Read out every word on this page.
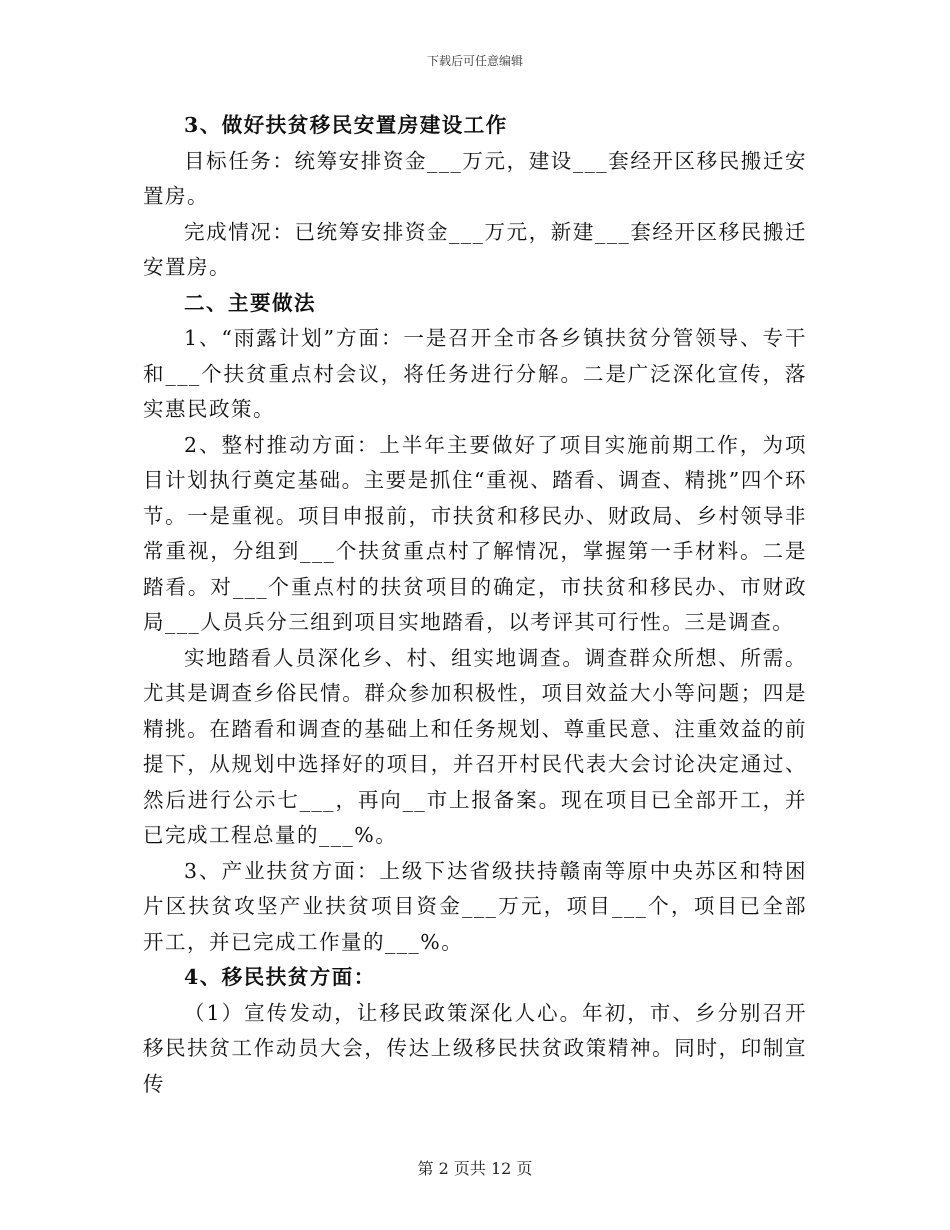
下载后可任意编辑

3、做好扶贫移民安置房建设工作

目标任务：统筹安排资金___万元，建设___套经开区移民搬迁安置房。

完成情况：已统筹安排资金___万元，新建___套经开区移民搬迁安置房。

二、主要做法

1、“雨露计划”方面：一是召开全市各乡镇扶贫分管领导、专干和___个扶贫重点村会议，将任务进行分解。二是广泛深化宣传，落实惠民政策。

2、整村推动方面：上半年主要做好了项目实施前期工作，为项目计划执行奠定基础。主要是抓住“重视、踏看、调查、精挑”四个环节。一是重视。项目申报前，市扶贫和移民办、财政局、乡村领导非常重视，分组到___个扶贫重点村了解情况，掌握第一手材料。二是踏看。对___个重点村的扶贫项目的确定，市扶贫和移民办、市财政局___人员兵分三组到项目实地踏看，以考评其可行性。三是调查。

实地踏看人员深化乡、村、组实地调查。调查群众所想、所需。尤其是调查乡俗民情。群众参加积极性，项目效益大小等问题；四是精挑。在踏看和调查的基础上和任务规划、尊重民意、注重效益的前提下，从规划中选择好的项目，并召开村民代表大会讨论决定通过、然后进行公示七___，再向__市上报备案。现在项目已全部开工，并已完成工程总量的___%。

3、产业扶贫方面：上级下达省级扶持赣南等原中央苏区和特困片区扶贫攻坚产业扶贫项目资金___万元，项目___个，项目已全部开工，并已完成工作量的___%。

4、移民扶贫方面：

（1）宣传发动，让移民政策深化人心。年初，市、乡分别召开移民扶贫工作动员大会，传达上级移民扶贫政策精神。同时，印制宣传

第 2 页共 12 页
